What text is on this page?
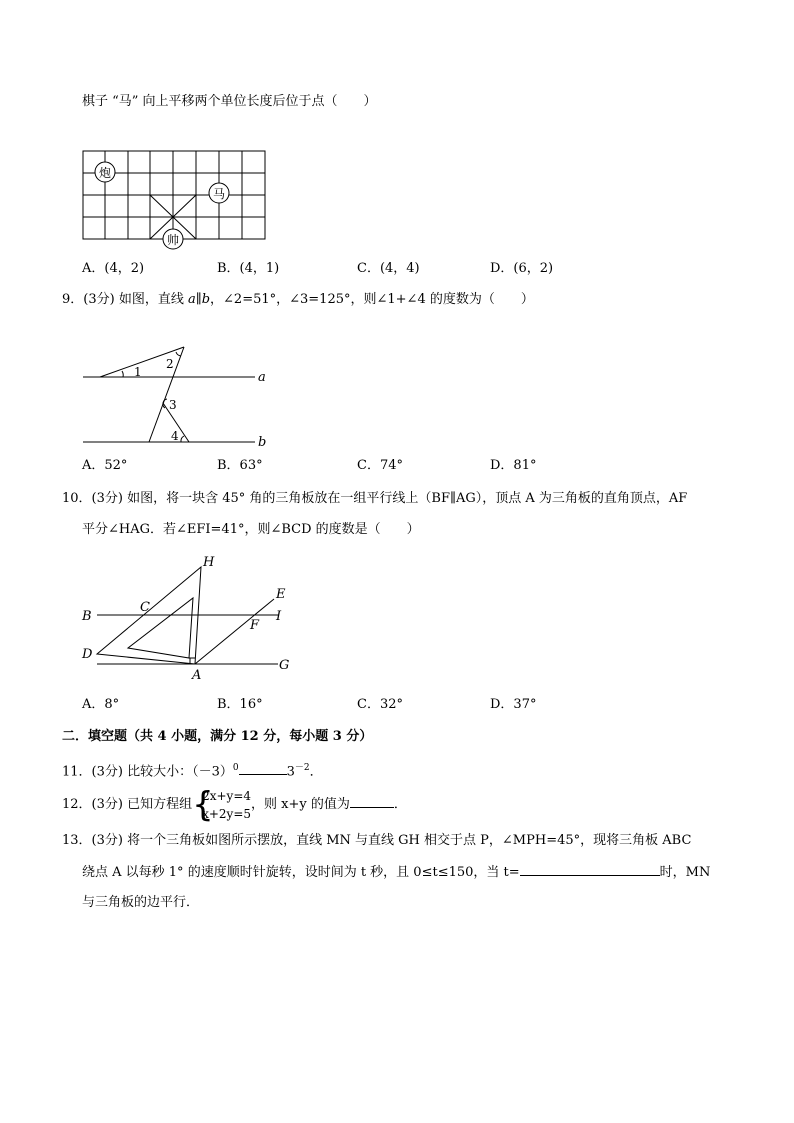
棋子 “马” 向上平移两个单位长度后位于点（　　）
炮
马
帅
A．(4，2)	B．(4，1)	C．(4，4)	D．(6，2)
9．(3分) 如图，直线 a∥b，∠2=51°，∠3=125°，则∠1+∠4 的度数为（　　）
1
2
3
4
a
b
A．52°	B．63°	C．74°	D．81°
10．(3分) 如图，将一块含 45° 角的三角板放在一组平行线上（BF∥AG），顶点 A 为三角板的直角顶点，AF
平分∠HAG．若∠EFI=41°，则∠BCD 的度数是（　　）
H
E
B
C
I
F
D
G
A
A．8°	B．16°	C．32°	D．37°
二．填空题（共 4 小题，满分 12 分，每小题 3 分）
11．(3分) 比较大小：$(-3)^0$	$3^{-2}$．
12．(3分) 已知方程组 {
2x+y=4
x+2y=5
，则 x+y 的值为	．
13．(3分) 将一个三角板如图所示摆放，直线 MN 与直线 GH 相交于点 P，∠MPH=45°，现将三角板 ABC
绕点 A 以每秒 1° 的速度顺时针旋转，设时间为 t 秒，且 0≤t≤150，当 t=	时，MN
与三角板的边平行．
